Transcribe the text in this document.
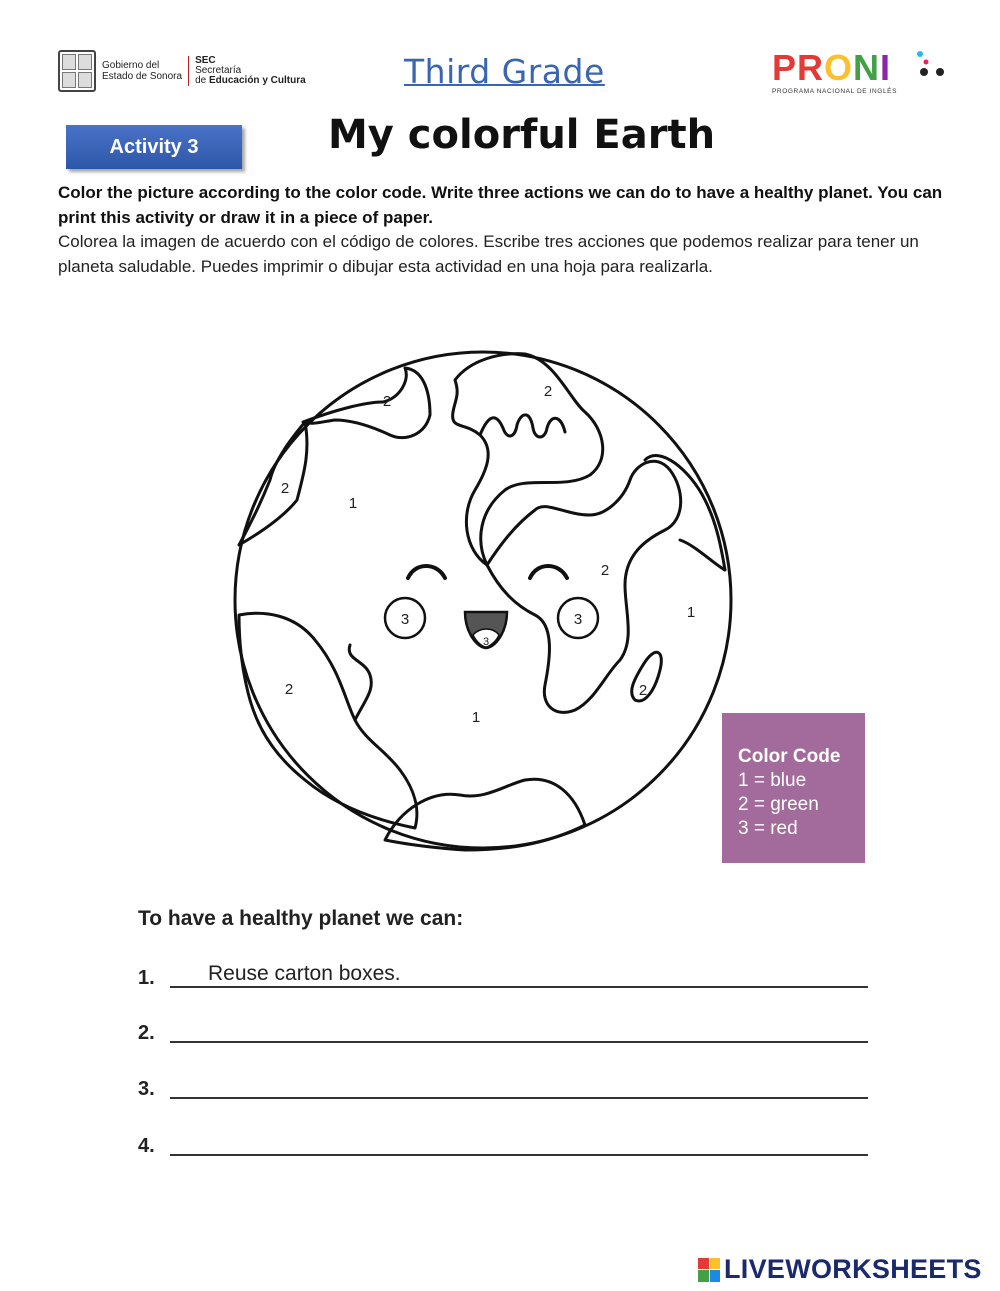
Gobierno del
Estado de Sonora
SEC
Secretaría
de Educación y Cultura	Third Grade	PRONI
PROGRAMA NACIONAL DE INGLÉS
Activity 3	My colorful Earth
Color the picture according to the color code. Write three actions we can do to have a healthy planet. You can print this activity or draw it in a piece of paper.
Colorea la imagen de acuerdo con el código de colores. Escribe tres acciones que podemos realizar para tener un planeta saludable. Puedes imprimir o dibujar esta actividad en una hoja para realizarla.
2
2
2
1
2
1
3	3
3
2
1
2
Color Code
1 = blue
2 = green
3 = red
To have a healthy planet we can:
1.	Reuse carton boxes.
2.
3.
4.
LIVEWORKSHEETS
